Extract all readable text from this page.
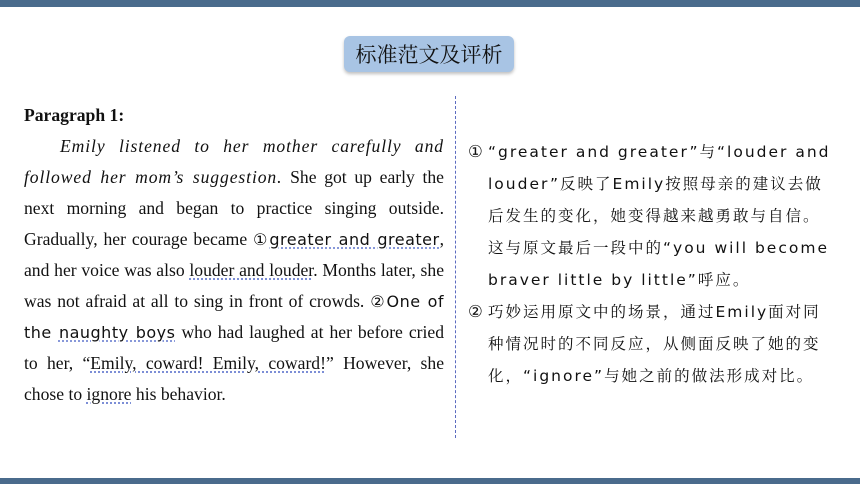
标准范文及评析
Paragraph 1:
Emily listened to her mother carefully and followed her mom’s suggestion. She got up early the next morning and began to practice singing outside. Gradually, her courage became ①greater and greater, and her voice was also louder and louder. Months later, she was not afraid at all to sing in front of crowds. ②One of the naughty boys who had laughed at her before cried to her, “Emily, coward! Emily, coward!” However, she chose to ignore his behavior.

① “greater and greater”与“louder and louder”反映了Emily按照母亲的建议去做后发生的变化，她变得越来越勇敢与自信。这与原文最后一段中的“you will become braver little by little”呼应。

② 巧妙运用原文中的场景，通过Emily面对同种情况时的不同反应，从侧面反映了她的变化，“ignore”与她之前的做法形成对比。
